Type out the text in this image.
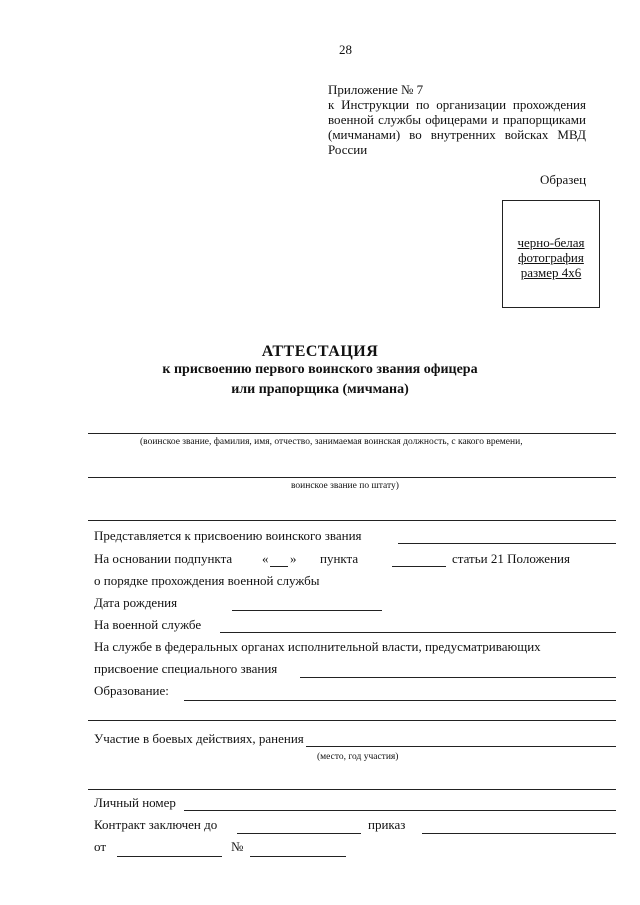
28
Приложение № 7
к Инструкции по организации прохождения военной службы офицерами и прапорщиками (мичманами) во внутренних войсках МВД России
Образец
черно-белая
фотография
размер 4х6
АТТЕСТАЦИЯ
к присвоению первого воинского звания офицера
или прапорщика (мичмана)
(воинское звание, фамилия, имя, отчество, занимаемая воинская должность, с какого времени,
воинское звание по штату)
Представляется к присвоению воинского звания
На основании подпункта « » пункта	статьи 21 Положения
о порядке прохождения военной службы
Дата рождения
На военной службе
На службе в федеральных органах исполнительной власти, предусматривающих
присвоение специального звания
Образование:
Участие в боевых действиях, ранения
(место, год участия)
Личный номер
Контракт заключен до	приказ
от	№
